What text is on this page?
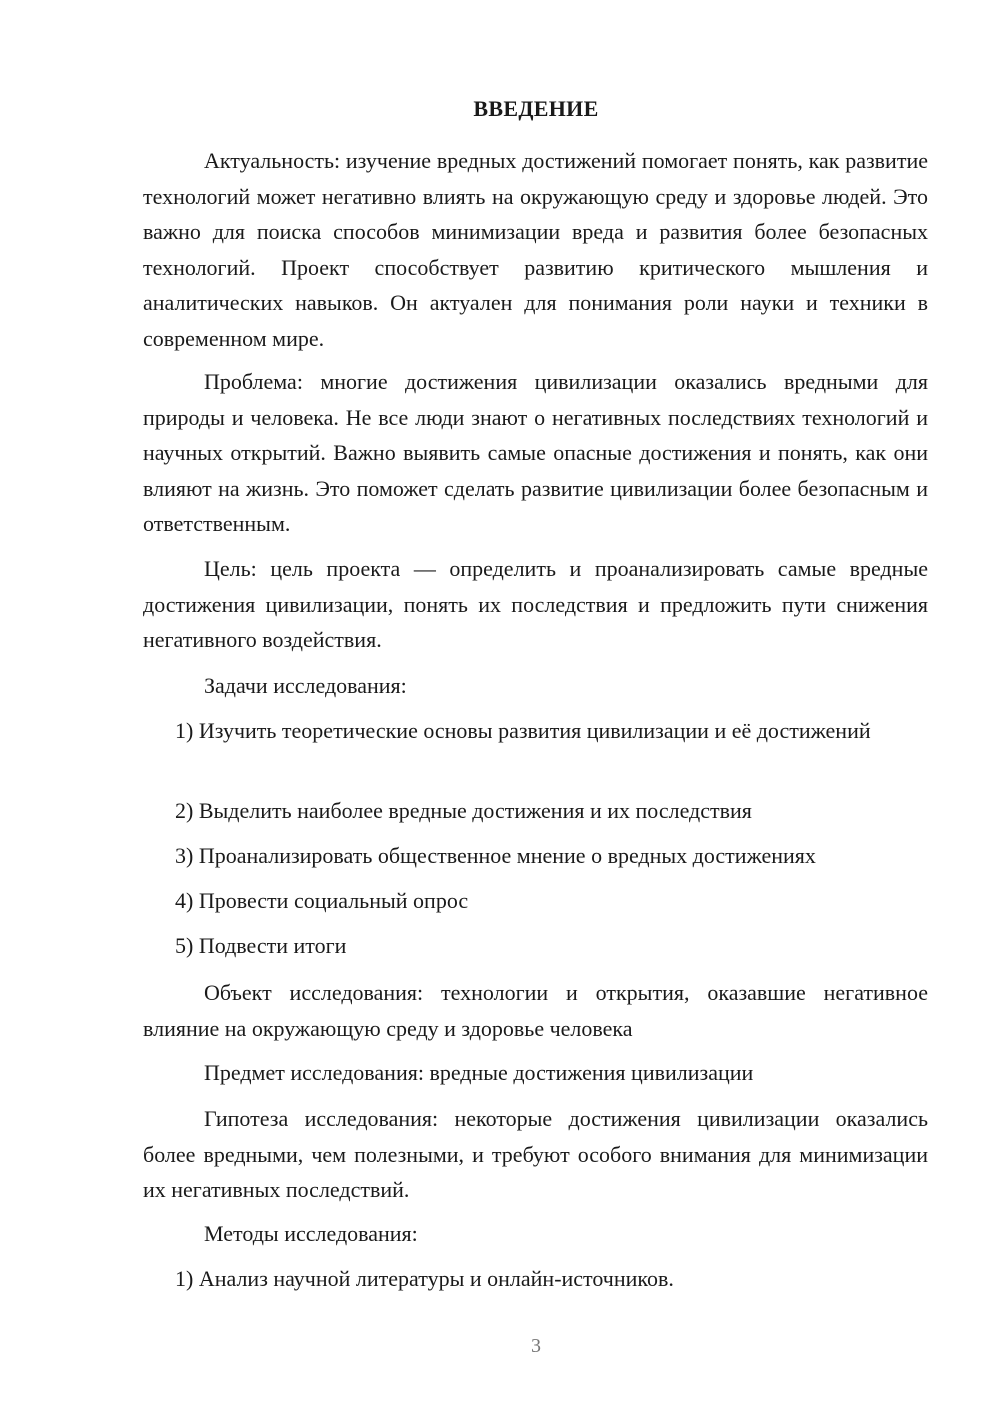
ВВЕДЕНИЕ
Актуальность: изучение вредных достижений помогает понять, как развитие технологий может негативно влиять на окружающую среду и здоровье людей. Это важно для поиска способов минимизации вреда и развития более безопасных технологий. Проект способствует развитию критического мышления и аналитических навыков. Он актуален для понимания роли науки и техники в современном мире.
Проблема: многие достижения цивилизации оказались вредными для природы и человека. Не все люди знают о негативных последствиях технологий и научных открытий. Важно выявить самые опасные достижения и понять, как они влияют на жизнь. Это поможет сделать развитие цивилизации более безопасным и ответственным.
Цель: цель проекта — определить и проанализировать самые вредные достижения цивилизации, понять их последствия и предложить пути снижения негативного воздействия.
Задачи исследования:
1) Изучить теоретические основы развития цивилизации и её достижений
2) Выделить наиболее вредные достижения и их последствия
3) Проанализировать общественное мнение о вредных достижениях
4) Провести социальный опрос
5) Подвести итоги
Объект исследования: технологии и открытия, оказавшие негативное влияние на окружающую среду и здоровье человека
Предмет исследования: вредные достижения цивилизации
Гипотеза исследования: некоторые достижения цивилизации оказались более вредными, чем полезными, и требуют особого внимания для минимизации их негативных последствий.
Методы исследования:
1) Анализ научной литературы и онлайн-источников.
3
